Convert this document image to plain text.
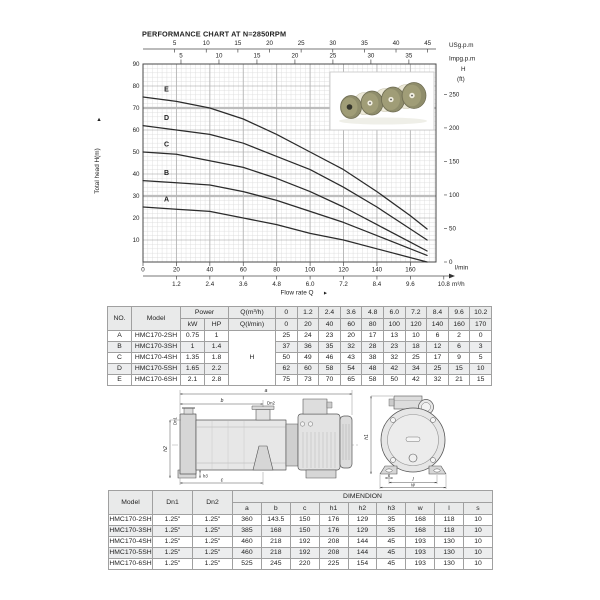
A
B
C
D
E
5	10	15	20	25	30	35	40	45
5	10	15	20	25	30	35
10
20
30
40
50
60
70
80
90
0
50
100
150
200
250
0	20	40	60	80	100	120	140	160
1.2	2.4	3.6	4.8	6.0	7.2	8.4	9.6	10.8
PERFORMANCE CHART AT N=2850RPM
USg.p.m
Impg.p.m
H
(ft)
l/min
m³/h
Flow rate Q ►
Total head H(m)
▲
NO.	Model	Power		Q(m³/h)	0	1.2	2.4	3.6	4.8	6.0	7.2	8.4	9.6	10.2
		kW	HP	Q(l/min)	0	20	40	60	80	100	120	140	160	170
A	HMC170-2SH	0.75	1	H	25	24	23	20	17	13	10	6	2	0
B	HMC170-3SH	1	1.4		37	36	35	32	28	23	18	12	6	3
C	HMC170-4SH	1.35	1.8		50	49	46	43	38	32	25	17	9	5
D	HMC170-5SH	1.65	2.2		62	60	58	54	48	42	34	25	15	10
E	HMC170-6SH	2.1	2.8		75	73	70	65	58	50	42	32	21	15
a
b	Dn2
Dn1
h2
h3
c
h1
s
l
w
Model	Dn1	Dn2	DIMENDION								
			a	b	c	h1	h2	h3	w	l	s
HMC170-2SH	1.25"	1.25"	360	143.5	150	176	129	35	168	118	10
HMC170-3SH	1.25"	1.25"	385	168	150	176	129	35	168	118	10
HMC170-4SH	1.25"	1.25"	460	218	192	208	144	45	193	130	10
HMC170-5SH	1.25"	1.25"	460	218	192	208	144	45	193	130	10
HMC170-6SH	1.25"	1.25"	525	245	220	225	154	45	193	130	10
